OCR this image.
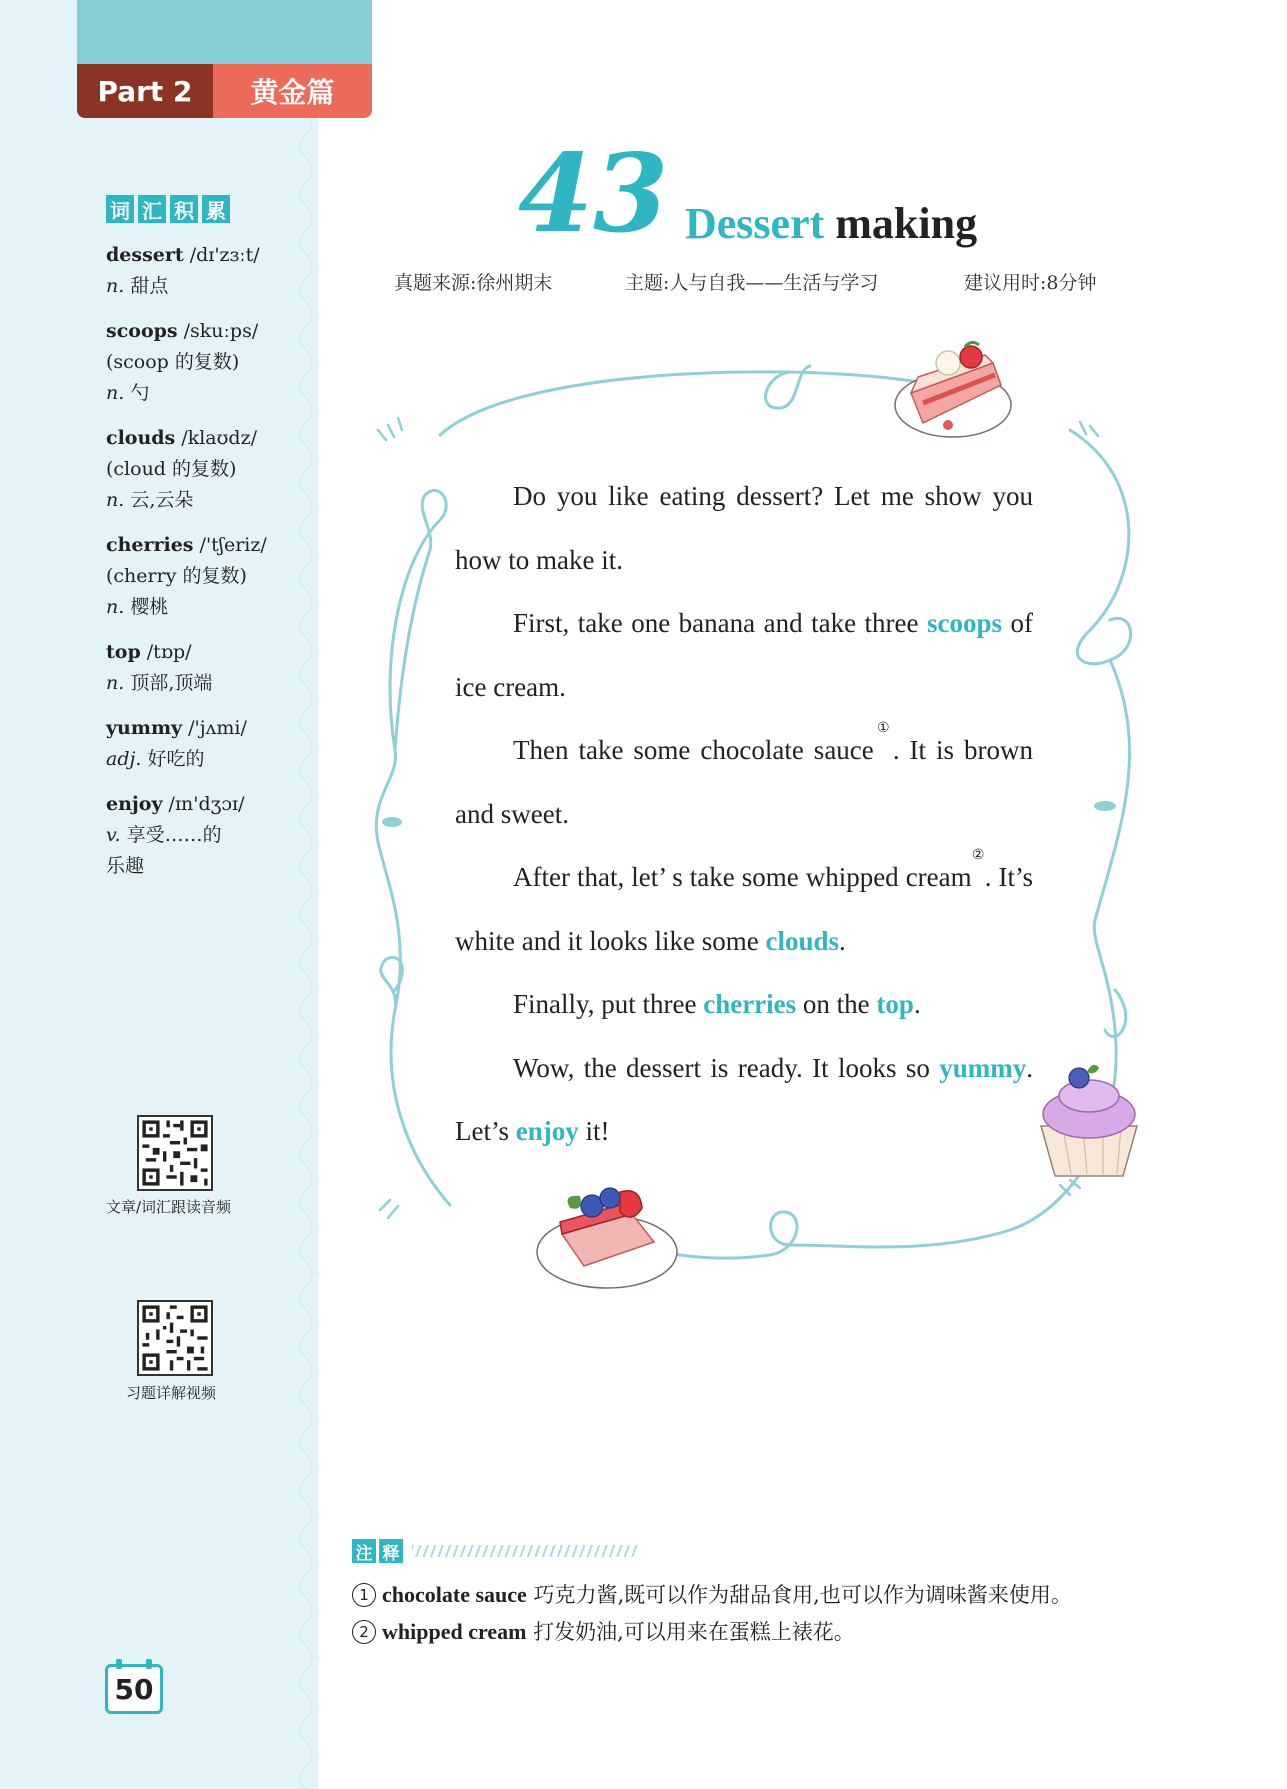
Part 2	黄金篇
词 汇 积 累
dessert /dɪ'zɜːt/
n. 甜点
scoops /skuːps/
(scoop 的复数)
n. 勺
clouds /klaʊdz/
(cloud 的复数)
n. 云,云朵
cherries /'tʃeriz/
(cherry 的复数)
n. 樱桃
top /tɒp/
n. 顶部,顶端
yummy /'jʌmi/
adj. 好吃的
enjoy /ɪn'dʒɔɪ/
v. 享受……的
乐趣
文章/词汇跟读音频
习题详解视频
50
43 Dessert making
真题来源:徐州期末	主题:人与自我——生活与学习	建议用时:8分钟

Do you like eating dessert? Let me show you how to make it.

First, take one banana and take three scoops of ice cream.

Then take some chocolate sauce①. It is brown and sweet.

After that, let’ s take some whipped cream②. It’s white and it looks like some clouds.

Finally, put three cherries on the top.

Wow, the dessert is ready. It looks so yummy. Let’s enjoy it!

注 释
1 chocolate sauce 巧克力酱,既可以作为甜品食用,也可以作为调味酱来使用。
2 whipped cream 打发奶油,可以用来在蛋糕上裱花。
